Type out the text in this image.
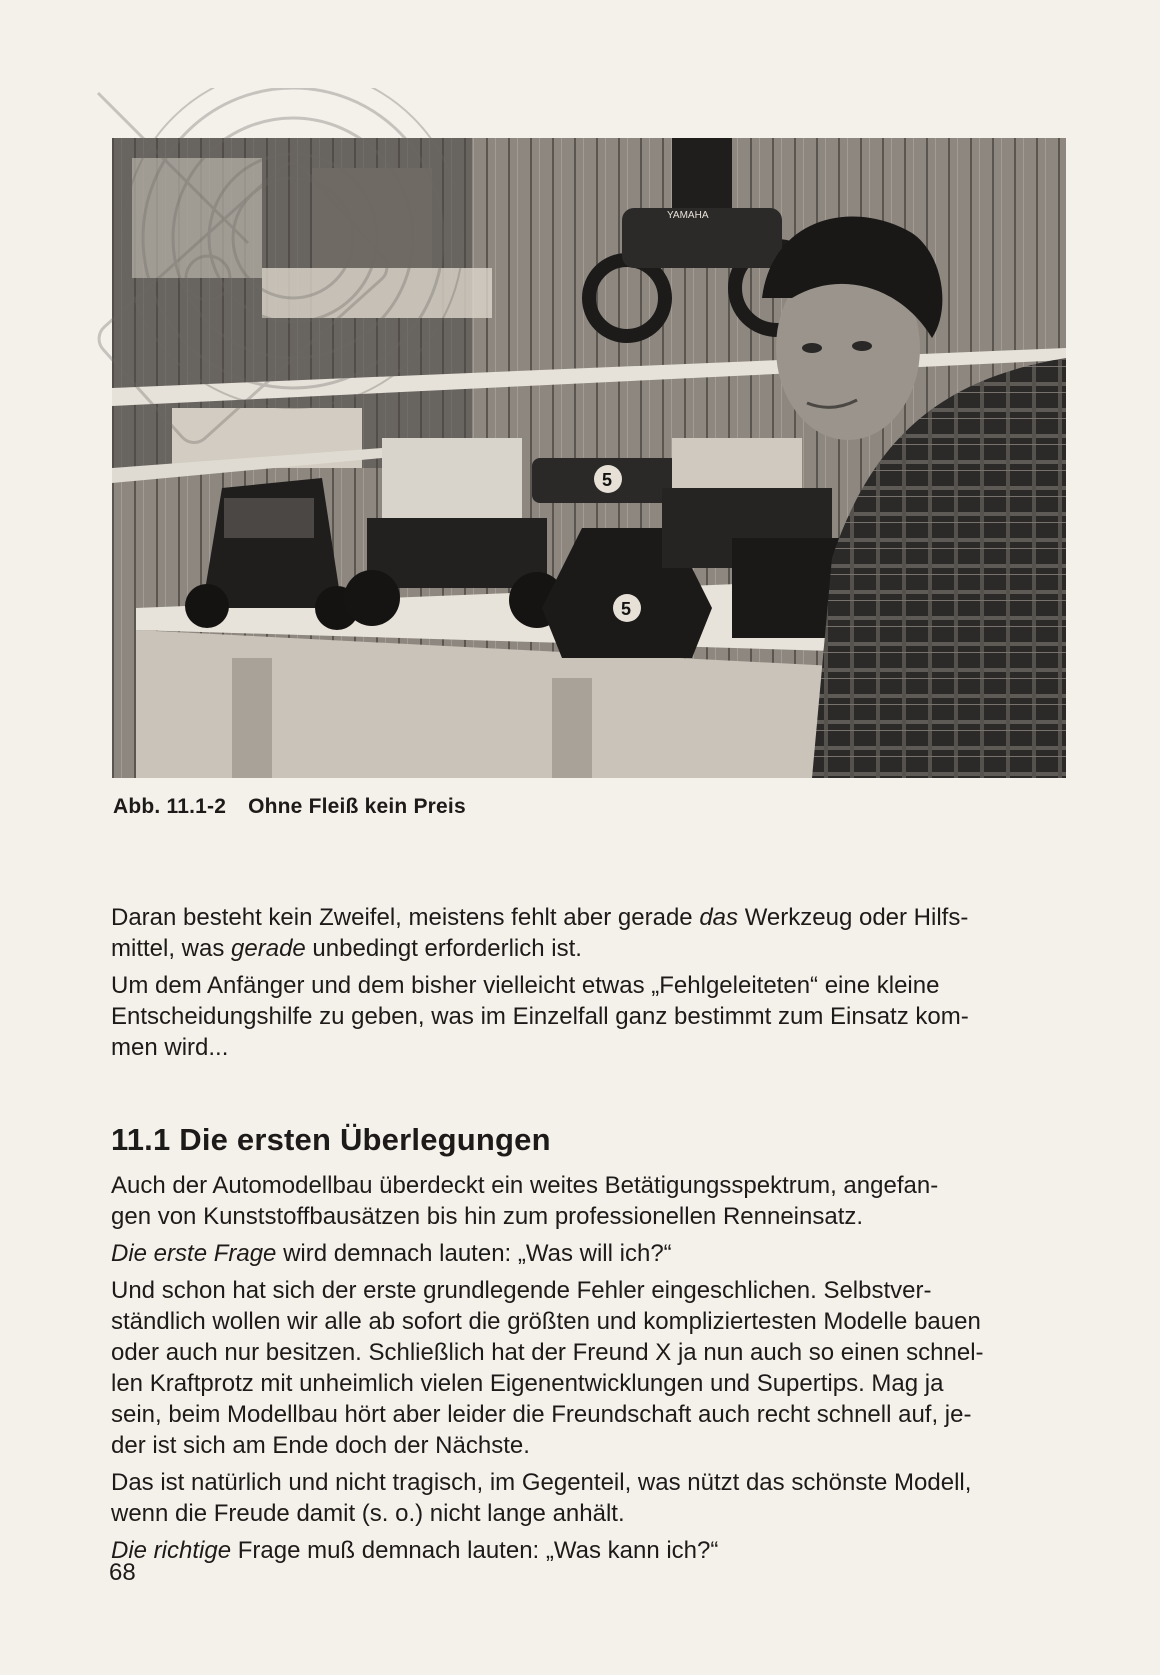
YAMAHA
5
5
Abb. 11.1-2 Ohne Fleiß kein Preis

Daran besteht kein Zweifel, meistens fehlt aber gerade das Werkzeug oder Hilfs-
mittel, was gerade unbedingt erforderlich ist.

Um dem Anfänger und dem bisher vielleicht etwas „Fehlgeleiteten“ eine kleine
Entscheidungshilfe zu geben, was im Einzelfall ganz bestimmt zum Einsatz kom-
men wird...

11.1 Die ersten Überlegungen

Auch der Automodellbau überdeckt ein weites Betätigungsspektrum, angefan-
gen von Kunststoffbausätzen bis hin zum professionellen Renneinsatz.

Die erste Frage wird demnach lauten: „Was will ich?“

Und schon hat sich der erste grundlegende Fehler eingeschlichen. Selbstver-
ständlich wollen wir alle ab sofort die größten und kompliziertesten Modelle bauen
oder auch nur besitzen. Schließlich hat der Freund X ja nun auch so einen schnel-
len Kraftprotz mit unheimlich vielen Eigenentwicklungen und Supertips. Mag ja
sein, beim Modellbau hört aber leider die Freundschaft auch recht schnell auf, je-
der ist sich am Ende doch der Nächste.

Das ist natürlich und nicht tragisch, im Gegenteil, was nützt das schönste Modell,
wenn die Freude damit (s. o.) nicht lange anhält.

Die richtige Frage muß demnach lauten: „Was kann ich?“

68
